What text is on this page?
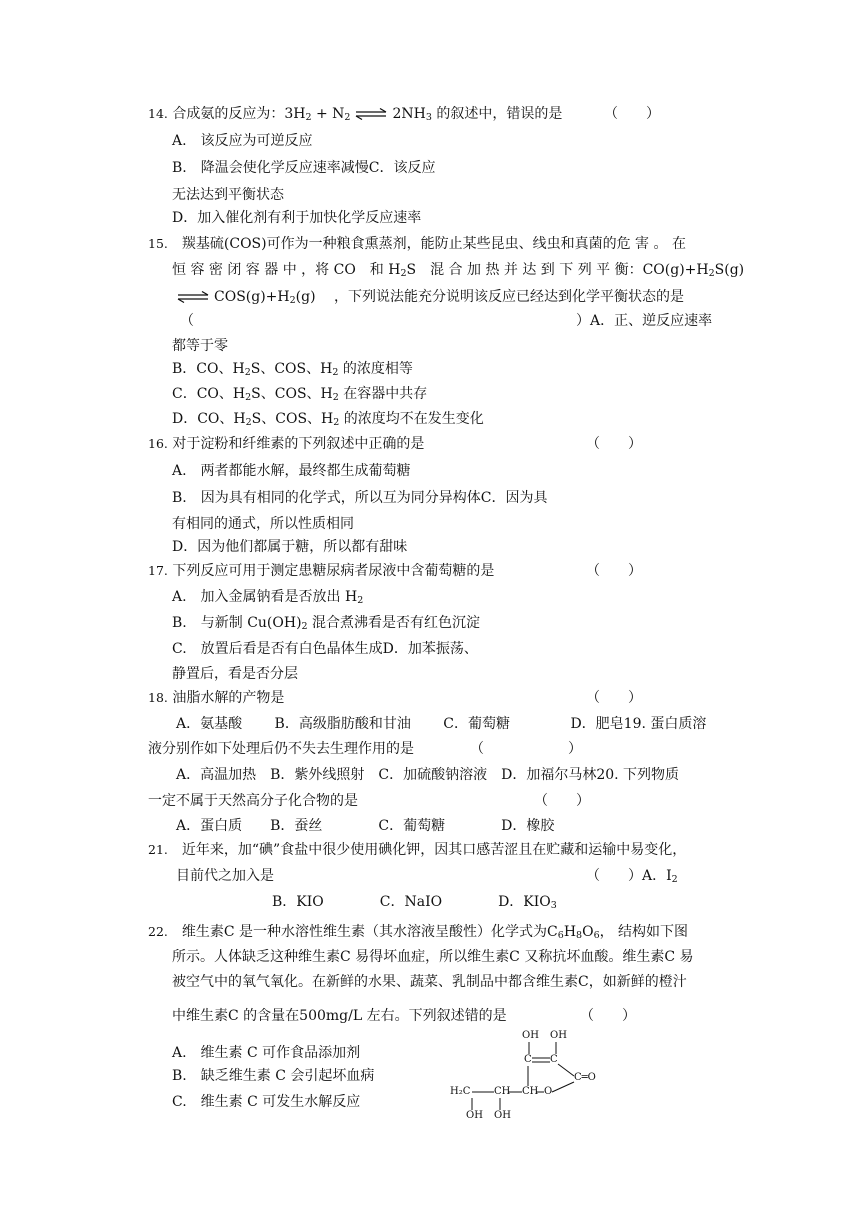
14. 合成氨的反应为：$3H_2 + N_2$ ⇌ $2NH_3$ 的叙述中，错误的是	（　　）
A.　该反应为可逆反应
B.　降温会使化学反应速率减慢C．该反应
无法达到平衡状态
D．加入催化剂有利于加快化学反应速率
15.　 羰基硫(COS)可作为一种粮食熏蒸剂，能防止某些昆虫、线虫和真菌的危 害 。 在
恒 容 密 闭 容 器 中 ，将 CO　和 $H_2S$　混 合 加 热 并 达 到 下 列 平 衡：$CO(g)+H_2S(g)$
⇌ $COS(g)+H_2(g)$　 ，下列说法能充分说明该反应已经达到化学平衡状态的是
（	）A．正、逆反应速率
都等于零
B．CO、$H_2S$、COS、$H_2$ 的浓度相等
C．CO、$H_2S$、COS、$H_2$ 在容器中共存
D．CO、$H_2S$、COS、$H_2$ 的浓度均不在发生变化
16. 对于淀粉和纤维素的下列叙述中正确的是	（　　）
A.　两者都能水解，最终都生成葡萄糖
B.　因为具有相同的化学式，所以互为同分异构体C．因为具
有相同的通式，所以性质相同
D．因为他们都属于糖，所以都有甜味
17. 下列反应可用于测定患糖尿病者尿液中含葡萄糖的是	（　　）
A.　加入金属钠看是否放出 $H_2$
B.　与新制 $Cu(OH)_2$ 混合煮沸看是否有红色沉淀
C.　放置后看是否有白色晶体生成D．加苯振荡、
静置后，看是否分层
18. 油脂水解的产物是	（　　）
A．氨基酸　　 B．高级脂肪酸和甘油　　 C．葡萄糖　　　　 D．肥皂19. 蛋白质溶
液分别作如下处理后仍不失去生理作用的是	（　　　　　　）
A．高温加热　B．紫外线照射　C．加硫酸钠溶液　D．加福尔马林20. 下列物质
一定不属于天然高分子化合物的是	（　　）
A．蛋白质　　B．蚕丝　　　　C．葡萄糖　　　　D．橡胶
21.　 近年来，加“碘”食盐中很少使用碘化钾，因其口感苦涩且在贮藏和运输中易变化，
目前代之加入是	（　　）A．$I_2$
B．KIO　　　　C．NaIO　　　　D．$KIO_3$
22.　 维生素C 是一种水溶性维生素（其水溶液呈酸性）化学式为$C_6H_8O_6$， 结构如下图
所示。人体缺乏这种维生素C 易得坏血症，所以维生素C 又称抗坏血酸。维生素C 易
被空气中的氧气氧化。在新鲜的水果、蔬菜、乳制品中都含维生素C，如新鲜的橙汁
中维生素C 的含量在500mg/L 左右。下列叙述错的是	（　　）
A.　维生素 C 可作食品添加剂
B.　缺乏维生素 C 会引起坏血病
C.　维生素 C 可发生水解反应
OH OH
C C
C═O
H₂C CH CH O
OH OH
